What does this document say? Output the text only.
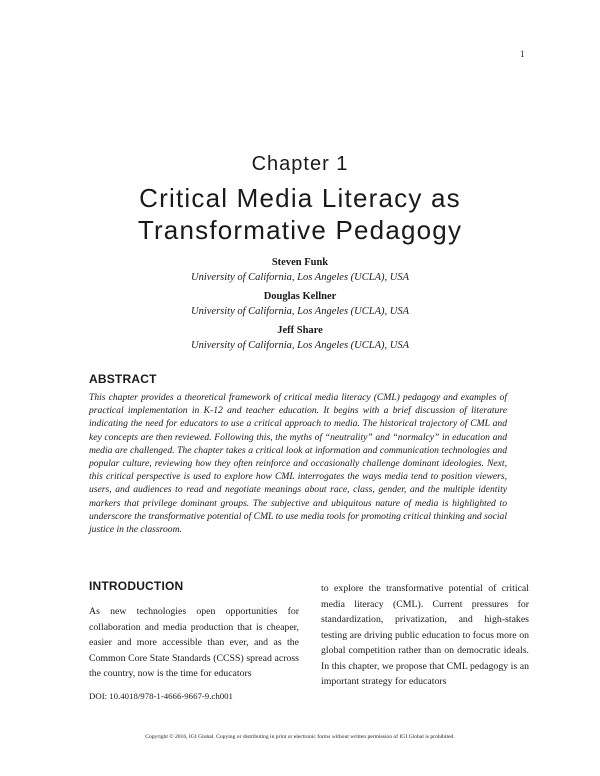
1
Chapter 1
Critical Media Literacy as
Transformative Pedagogy
Steven Funk
University of California, Los Angeles (UCLA), USA
Douglas Kellner
University of California, Los Angeles (UCLA), USA
Jeff Share
University of California, Los Angeles (UCLA), USA
ABSTRACT
This chapter provides a theoretical framework of critical media literacy (CML) pedagogy and examples of practical implementation in K-12 and teacher education. It begins with a brief discussion of literature indicating the need for educators to use a critical approach to media. The historical trajectory of CML and key concepts are then reviewed. Following this, the myths of “neutrality” and “normalcy” in education and media are challenged. The chapter takes a critical look at information and communication technologies and popular culture, reviewing how they often reinforce and occasionally challenge dominant ideologies. Next, this critical perspective is used to explore how CML interrogates the ways media tend to position viewers, users, and audiences to read and negotiate meanings about race, class, gender, and the multiple identity markers that privilege dominant groups. The subjective and ubiquitous nature of media is highlighted to underscore the transformative potential of CML to use media tools for promoting critical thinking and social justice in the classroom.
INTRODUCTION
As new technologies open opportunities for collaboration and media production that is cheaper, easier and more accessible than ever, and as the Common Core State Standards (CCSS) spread across the country, now is the time for educators
to explore the transformative potential of critical media literacy (CML). Current pressures for standardization, privatization, and high-stakes testing are driving public education to focus more on global competition rather than on democratic ideals. In this chapter, we propose that CML pedagogy is an important strategy for educators
DOI: 10.4018/978-1-4666-9667-9.ch001
Copyright © 2016, IGI Global. Copying or distributing in print or electronic forms without written permission of IGI Global is prohibited.
